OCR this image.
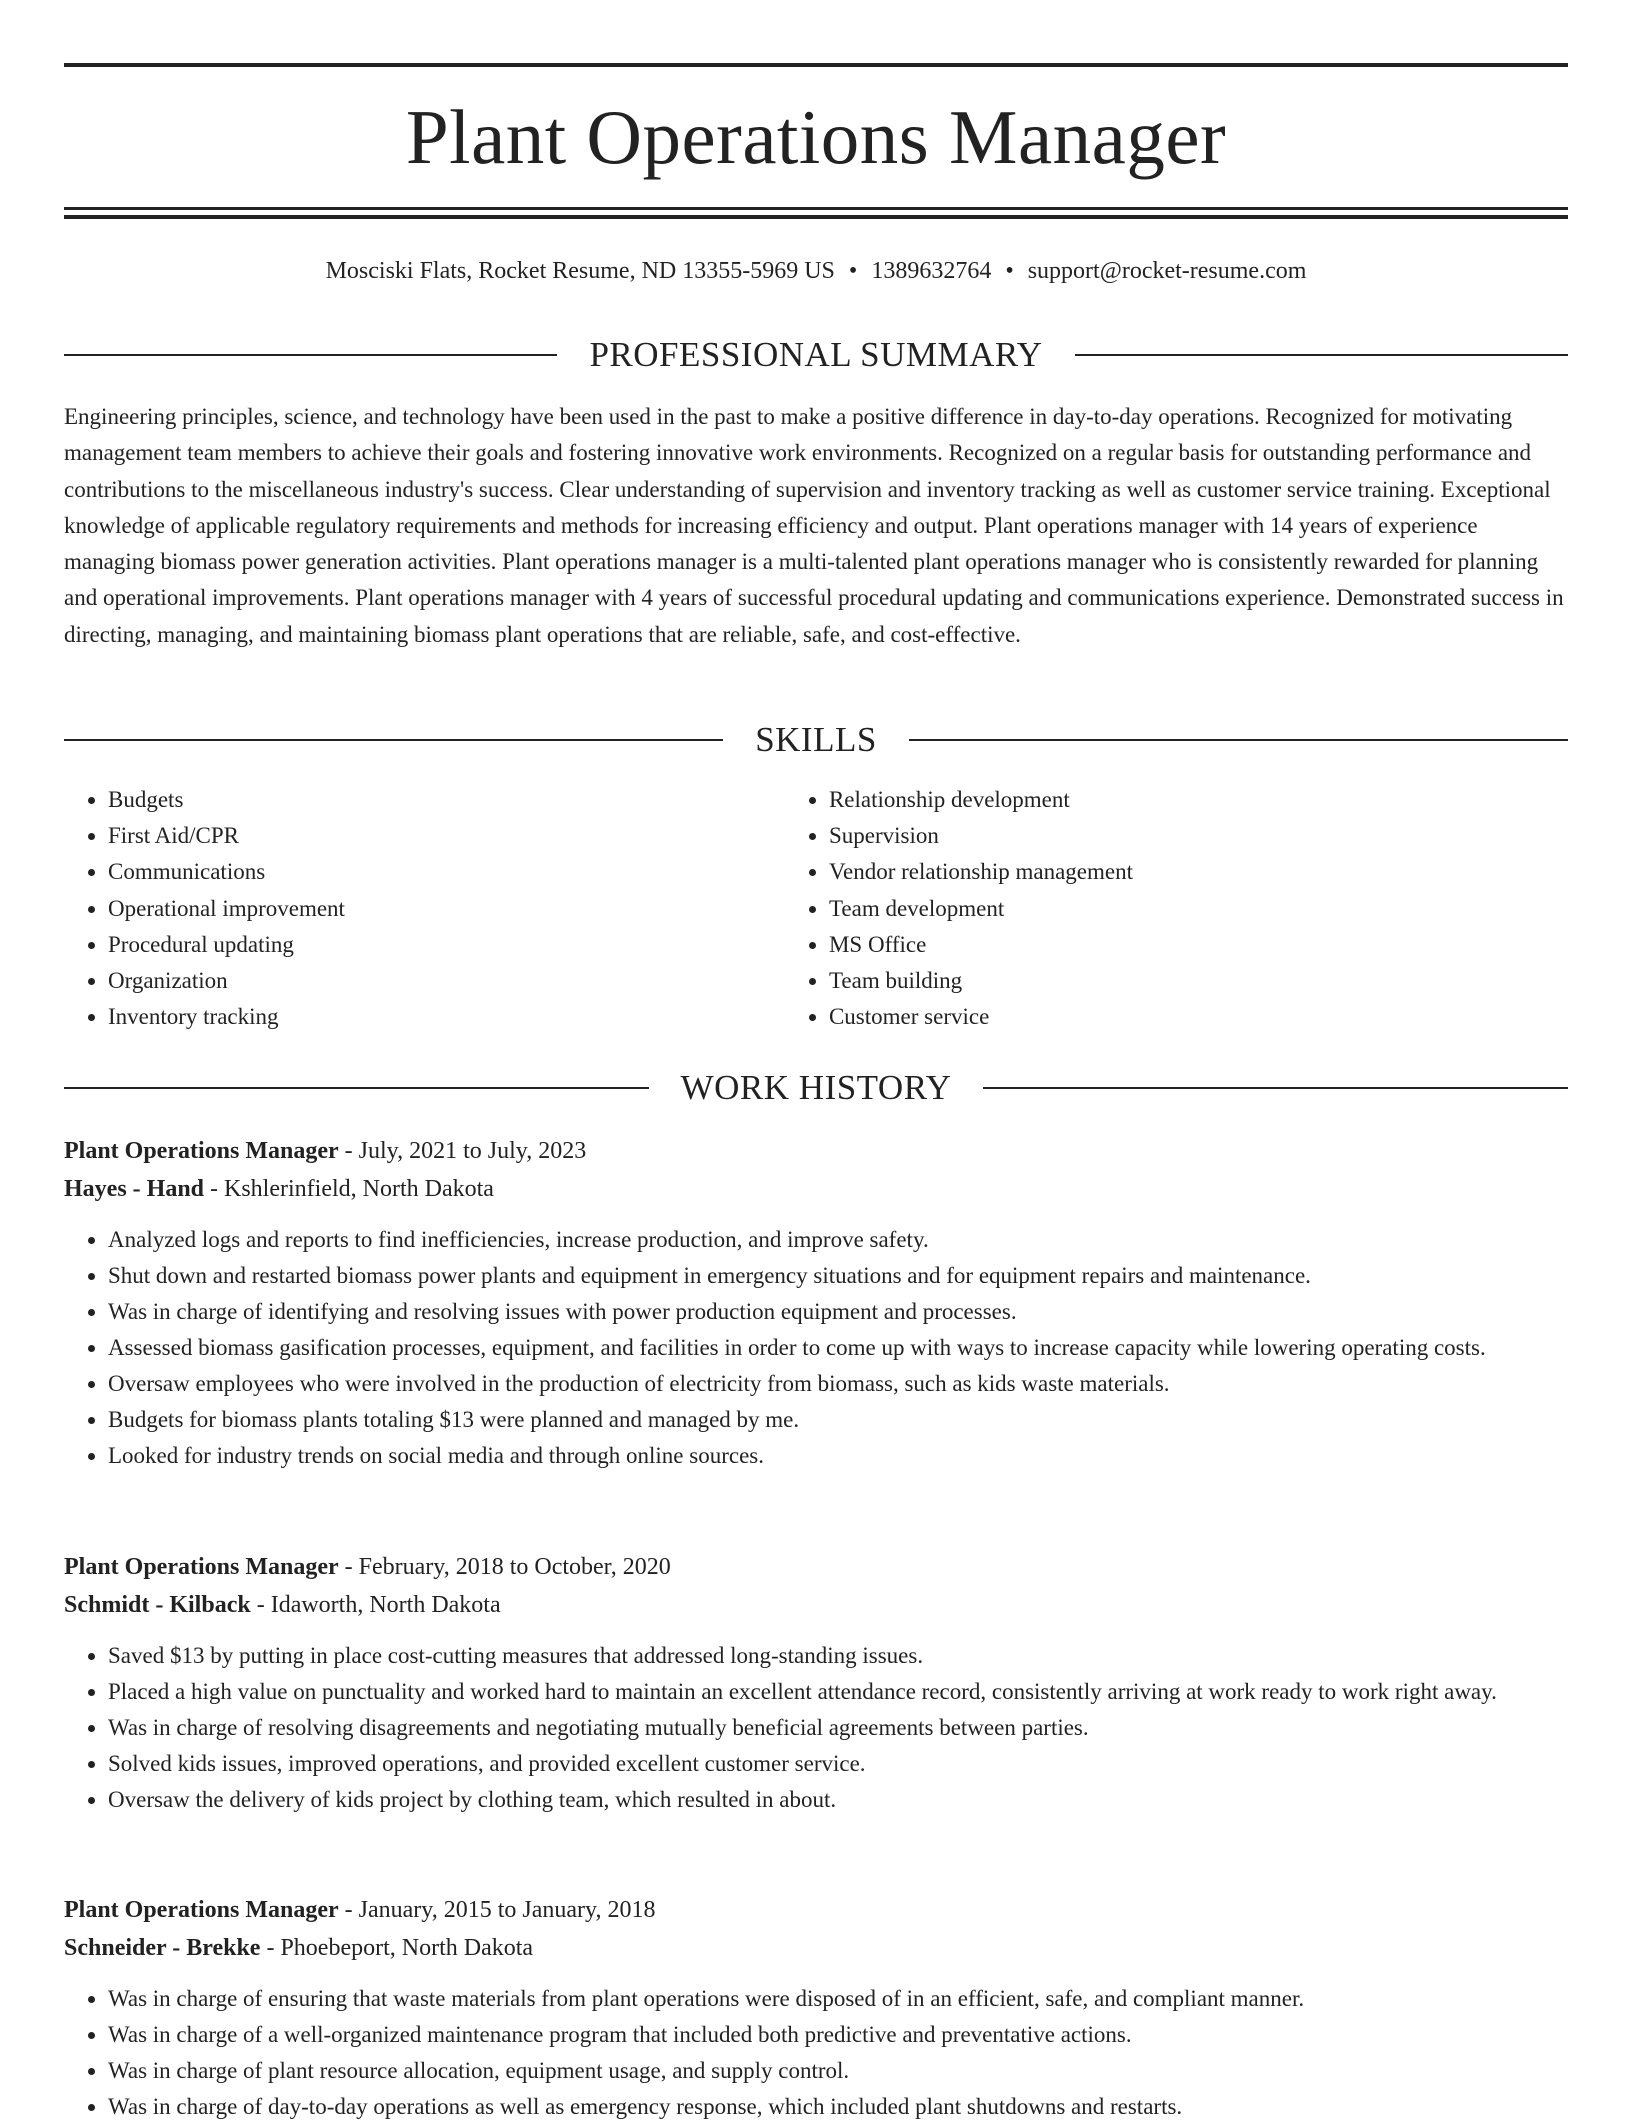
Plant Operations Manager
Mosciski Flats, Rocket Resume, ND 13355-5969 US • 1389632764 • support@rocket-resume.com
PROFESSIONAL SUMMARY

Engineering principles, science, and technology have been used in the past to make a positive difference in day-to-day operations. Recognized for motivating management team members to achieve their goals and fostering innovative work environments. Recognized on a regular basis for outstanding performance and contributions to the miscellaneous industry's success. Clear understanding of supervision and inventory tracking as well as customer service training. Exceptional knowledge of applicable regulatory requirements and methods for increasing efficiency and output. Plant operations manager with 14 years of experience managing biomass power generation activities. Plant operations manager is a multi-talented plant operations manager who is consistently rewarded for planning and operational improvements. Plant operations manager with 4 years of successful procedural updating and communications experience. Demonstrated success in directing, managing, and maintaining biomass plant operations that are reliable, safe, and cost-effective.

SKILLS
• Budgets
• First Aid/CPR
• Communications
• Operational improvement
• Procedural updating
• Organization
• Inventory tracking
• Relationship development
• Supervision
• Vendor relationship management
• Team development
• MS Office
• Team building
• Customer service
WORK HISTORY
Plant Operations Manager - July, 2021 to July, 2023
Hayes - Hand - Kshlerinfield, North Dakota
• Analyzed logs and reports to find inefficiencies, increase production, and improve safety.
• Shut down and restarted biomass power plants and equipment in emergency situations and for equipment repairs and maintenance.
• Was in charge of identifying and resolving issues with power production equipment and processes.
• Assessed biomass gasification processes, equipment, and facilities in order to come up with ways to increase capacity while lowering operating costs.
• Oversaw employees who were involved in the production of electricity from biomass, such as kids waste materials.
• Budgets for biomass plants totaling $13 were planned and managed by me.
• Looked for industry trends on social media and through online sources.
Plant Operations Manager - February, 2018 to October, 2020
Schmidt - Kilback - Idaworth, North Dakota
• Saved $13 by putting in place cost-cutting measures that addressed long-standing issues.
• Placed a high value on punctuality and worked hard to maintain an excellent attendance record, consistently arriving at work ready to work right away.
• Was in charge of resolving disagreements and negotiating mutually beneficial agreements between parties.
• Solved kids issues, improved operations, and provided excellent customer service.
• Oversaw the delivery of kids project by clothing team, which resulted in about.
Plant Operations Manager - January, 2015 to January, 2018
Schneider - Brekke - Phoebeport, North Dakota
• Was in charge of ensuring that waste materials from plant operations were disposed of in an efficient, safe, and compliant manner.
• Was in charge of a well-organized maintenance program that included both predictive and preventative actions.
• Was in charge of plant resource allocation, equipment usage, and supply control.
• Was in charge of day-to-day operations as well as emergency response, which included plant shutdowns and restarts.
